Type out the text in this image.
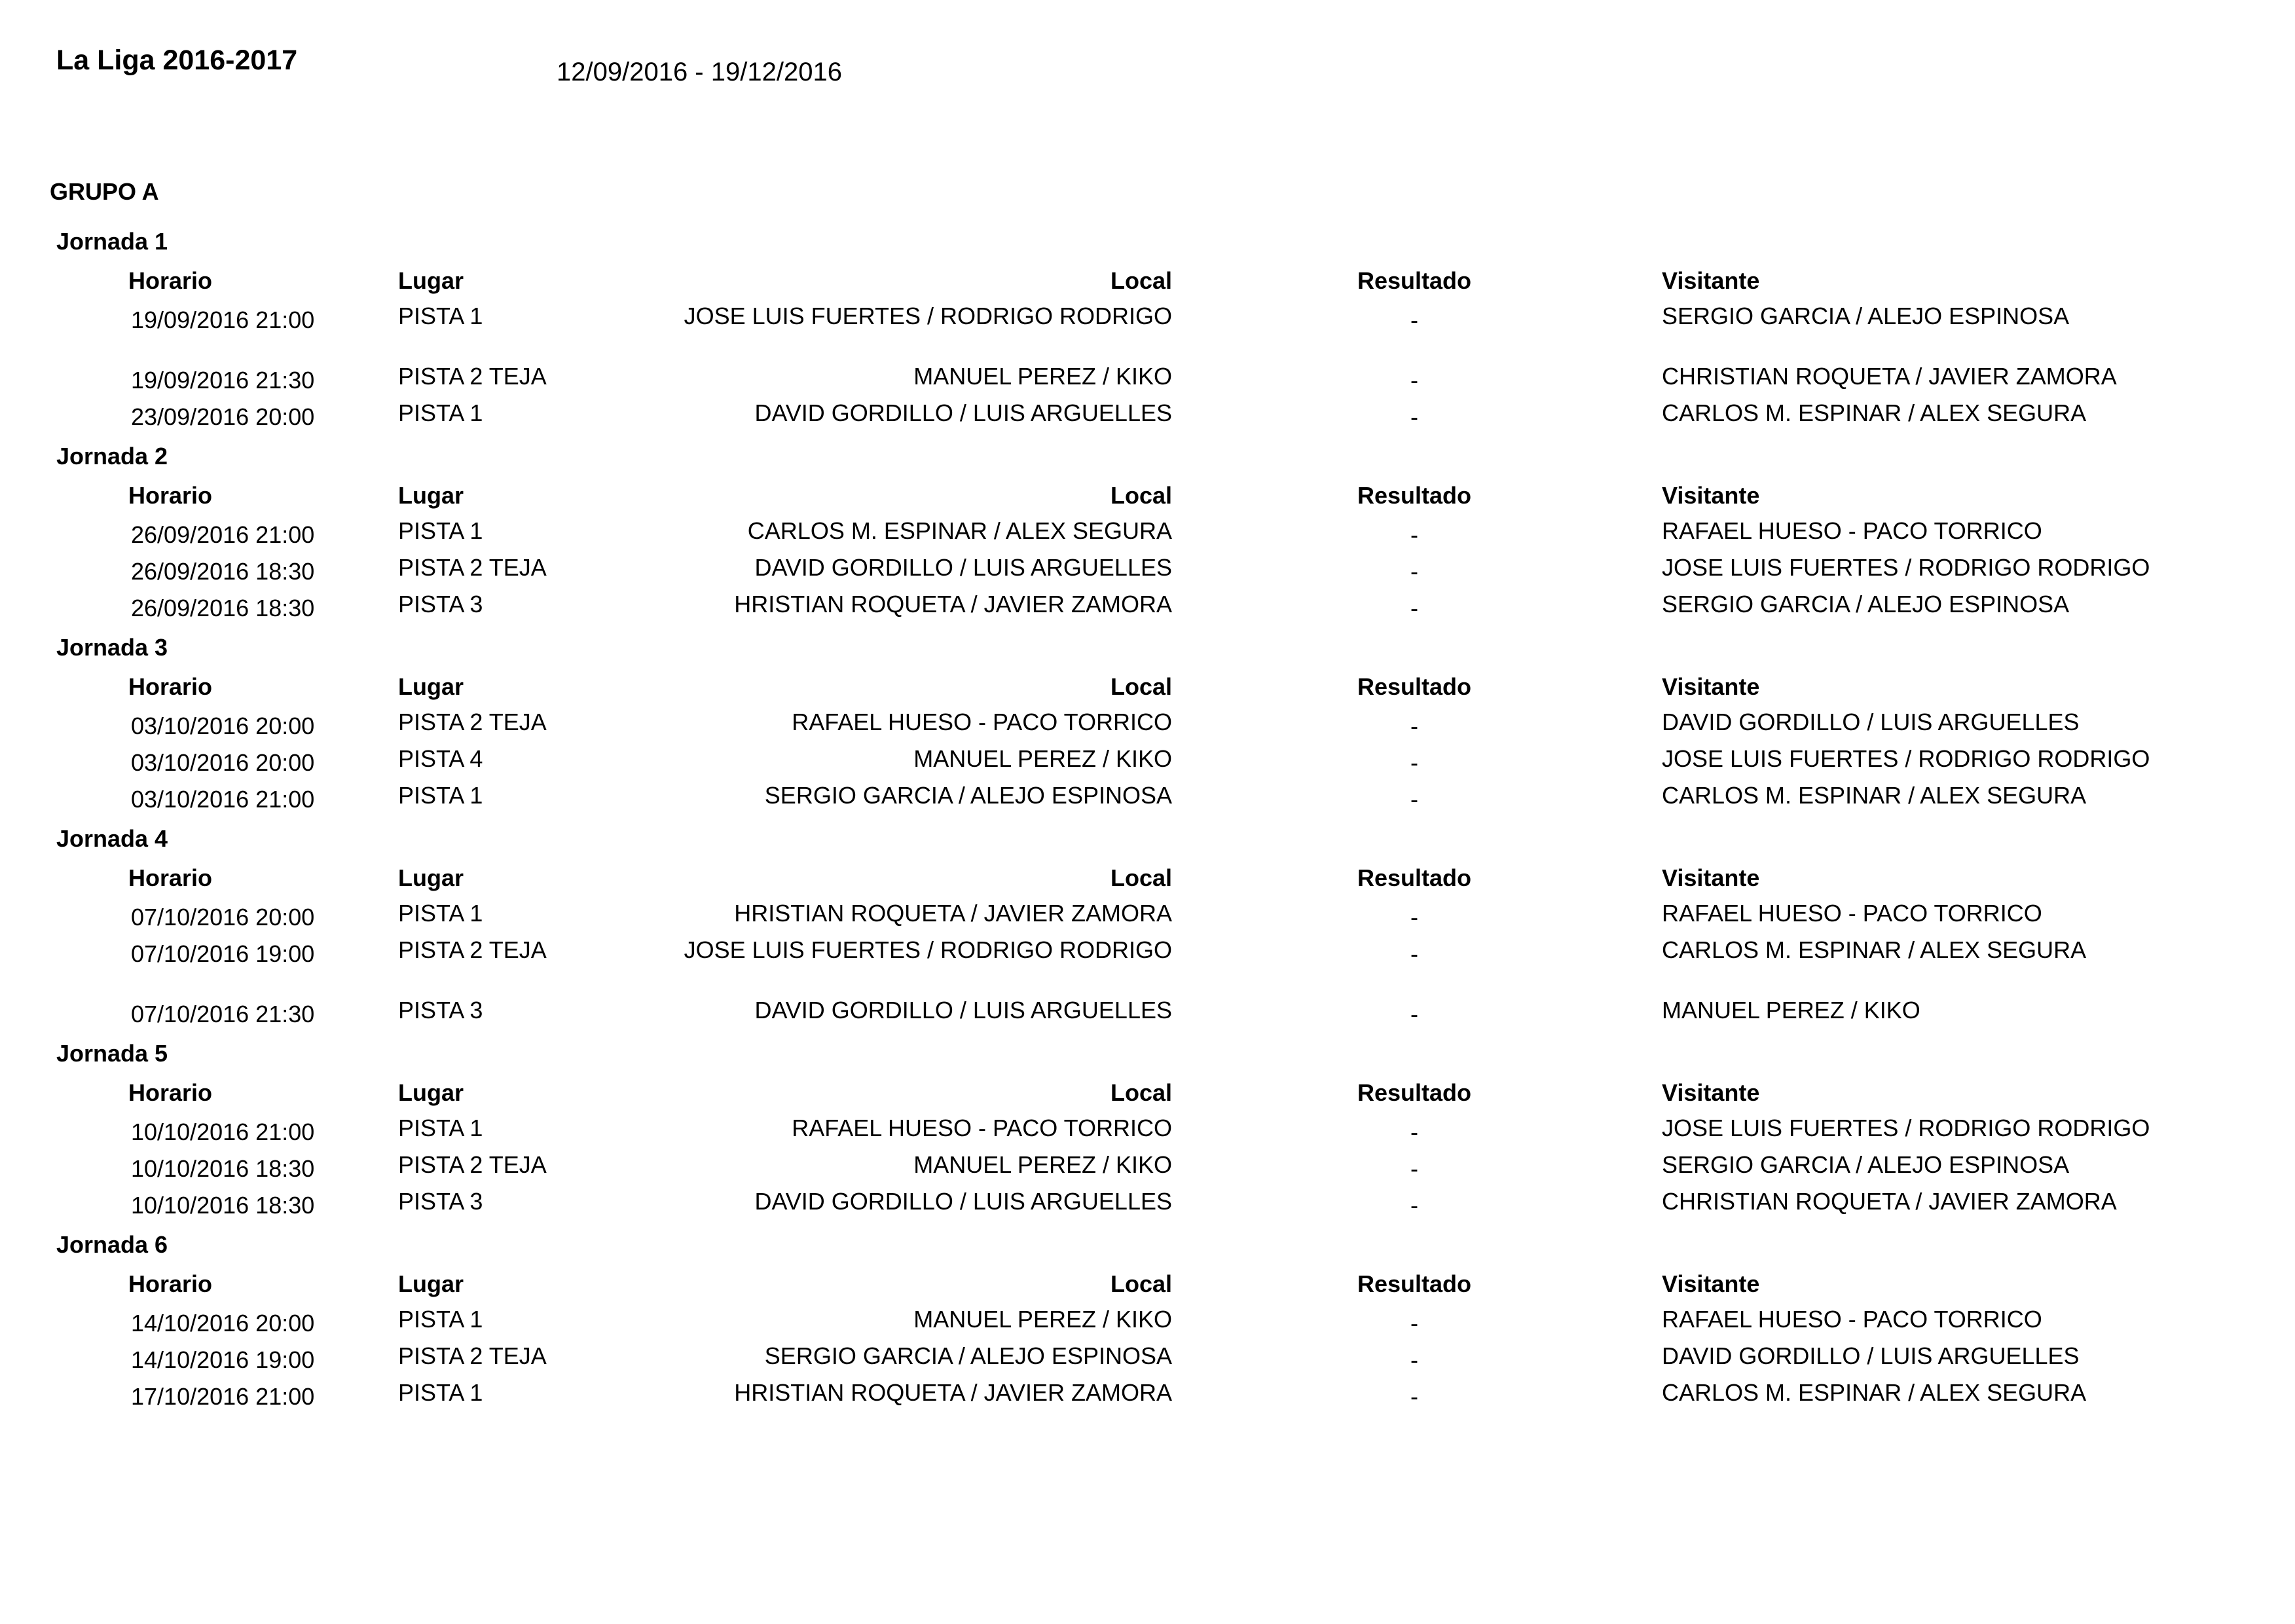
La Liga 2016-2017	12/09/2016 - 19/12/2016
GRUPO A
Jornada 1
Horario	Lugar	Local	Resultado	Visitante
19/09/2016 21:00	PISTA 1	JOSE LUIS FUERTES / RODRIGO RODRIGO	-	SERGIO GARCIA / ALEJO ESPINOSA
19/09/2016 21:30	PISTA 2 TEJA	MANUEL PEREZ / KIKO	-	CHRISTIAN ROQUETA / JAVIER ZAMORA
23/09/2016 20:00	PISTA 1	DAVID GORDILLO / LUIS ARGUELLES	-	CARLOS M. ESPINAR / ALEX SEGURA
Jornada 2
Horario	Lugar	Local	Resultado	Visitante
26/09/2016 21:00	PISTA 1	CARLOS M. ESPINAR / ALEX SEGURA	-	RAFAEL HUESO - PACO TORRICO
26/09/2016 18:30	PISTA 2 TEJA	DAVID GORDILLO / LUIS ARGUELLES	-	JOSE LUIS FUERTES / RODRIGO RODRIGO
26/09/2016 18:30	PISTA 3	HRISTIAN ROQUETA / JAVIER ZAMORA	-	SERGIO GARCIA / ALEJO ESPINOSA
Jornada 3
Horario	Lugar	Local	Resultado	Visitante
03/10/2016 20:00	PISTA 2 TEJA	RAFAEL HUESO - PACO TORRICO	-	DAVID GORDILLO / LUIS ARGUELLES
03/10/2016 20:00	PISTA 4	MANUEL PEREZ / KIKO	-	JOSE LUIS FUERTES / RODRIGO RODRIGO
03/10/2016 21:00	PISTA 1	SERGIO GARCIA / ALEJO ESPINOSA	-	CARLOS M. ESPINAR / ALEX SEGURA
Jornada 4
Horario	Lugar	Local	Resultado	Visitante
07/10/2016 20:00	PISTA 1	HRISTIAN ROQUETA / JAVIER ZAMORA	-	RAFAEL HUESO - PACO TORRICO
07/10/2016 19:00	PISTA 2 TEJA	JOSE LUIS FUERTES / RODRIGO RODRIGO	-	CARLOS M. ESPINAR / ALEX SEGURA
07/10/2016 21:30	PISTA 3	DAVID GORDILLO / LUIS ARGUELLES	-	MANUEL PEREZ / KIKO
Jornada 5
Horario	Lugar	Local	Resultado	Visitante
10/10/2016 21:00	PISTA 1	RAFAEL HUESO - PACO TORRICO	-	JOSE LUIS FUERTES / RODRIGO RODRIGO
10/10/2016 18:30	PISTA 2 TEJA	MANUEL PEREZ / KIKO	-	SERGIO GARCIA / ALEJO ESPINOSA
10/10/2016 18:30	PISTA 3	DAVID GORDILLO / LUIS ARGUELLES	-	CHRISTIAN ROQUETA / JAVIER ZAMORA
Jornada 6
Horario	Lugar	Local	Resultado	Visitante
14/10/2016 20:00	PISTA 1	MANUEL PEREZ / KIKO	-	RAFAEL HUESO - PACO TORRICO
14/10/2016 19:00	PISTA 2 TEJA	SERGIO GARCIA / ALEJO ESPINOSA	-	DAVID GORDILLO / LUIS ARGUELLES
17/10/2016 21:00	PISTA 1	HRISTIAN ROQUETA / JAVIER ZAMORA	-	CARLOS M. ESPINAR / ALEX SEGURA
